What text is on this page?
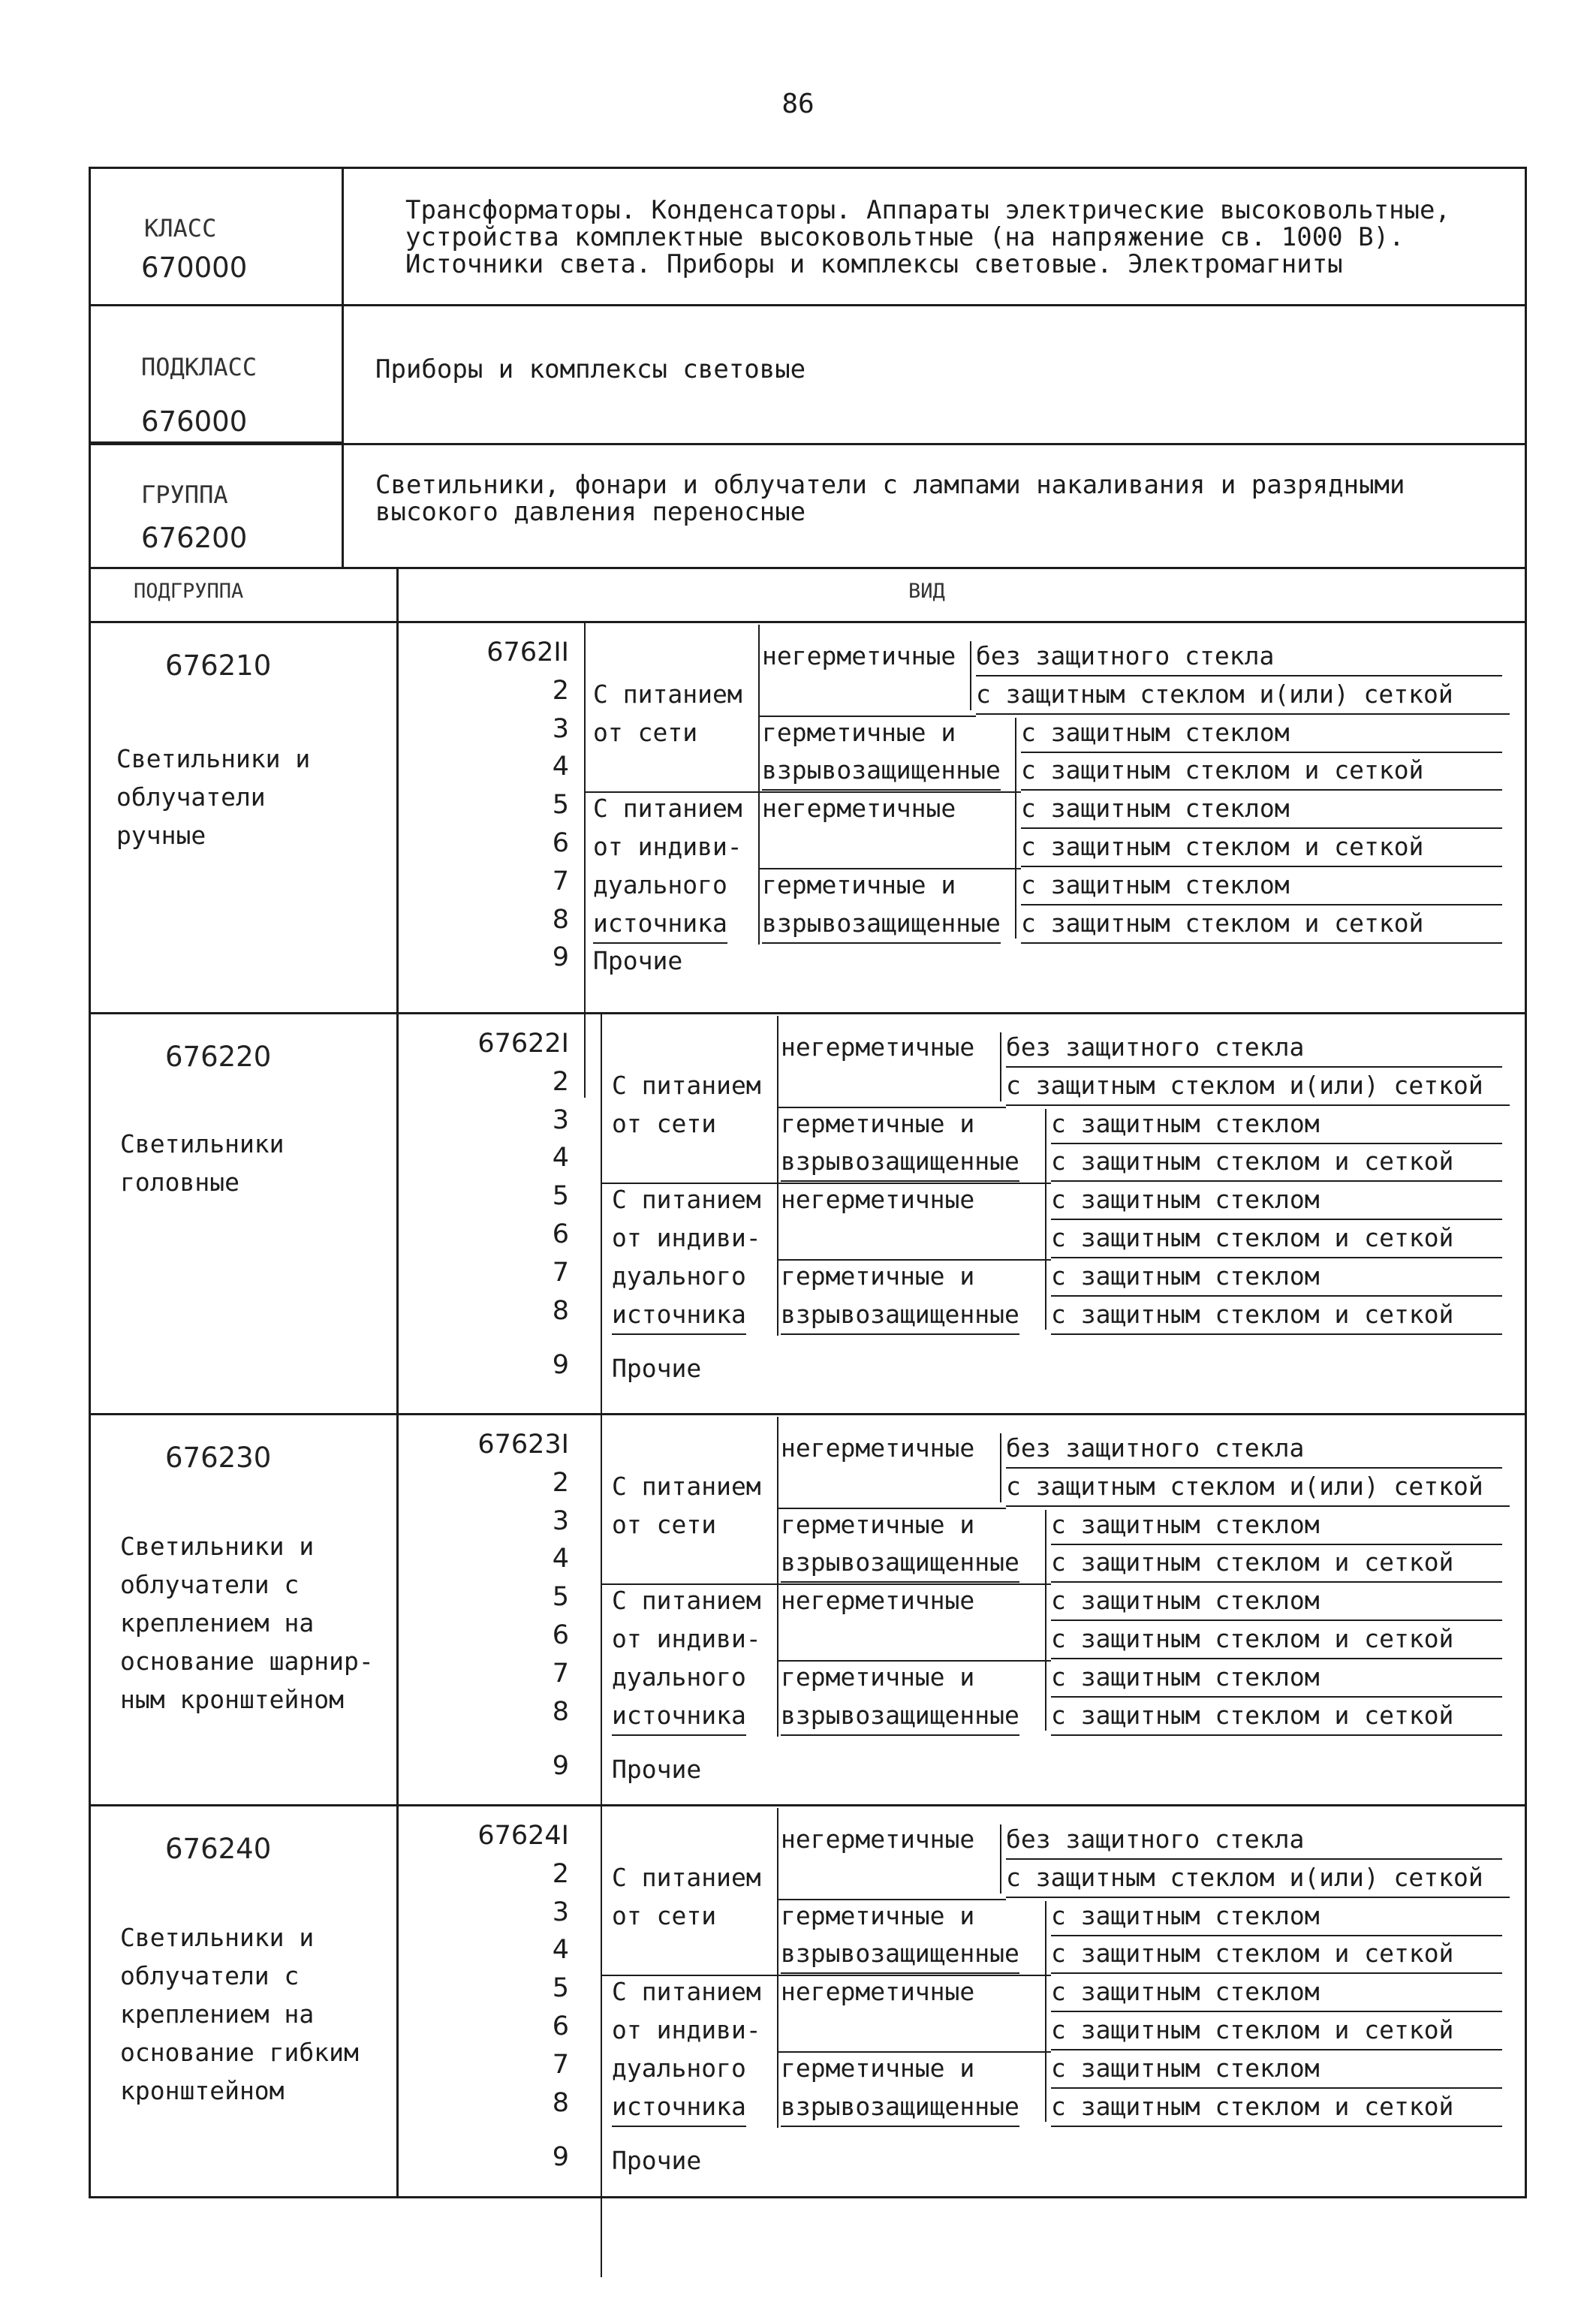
86
КЛАСС
670000
Трансформаторы. Конденсаторы. Аппараты электрические высоковольтные,
устройства комплектные высоковольтные (на напряжение св. 1000 В).
Источники света. Приборы и комплексы световые. Электромагниты
ПОДКЛАСС
676000
Приборы и комплексы световые
ГРУППА
676200
Светильники, фонари и облучатели с лампами накаливания и разрядными
высокого давления переносные
ПОДГРУППА	ВИД
676210
Светильники и
облучатели
ручные
6762II
2
3
4
5
6
7
8
9
С питанием
от сети
С питанием
от индиви-
дуального
источника
Прочие
негерметичные
герметичные и
взрывозащищенные
негерметичные
герметичные и
взрывозащищенные
без защитного стекла
с защитным стеклом и(или) сеткой
с защитным стеклом
с защитным стеклом и сеткой
с защитным стеклом
с защитным стеклом и сеткой
с защитным стеклом
с защитным стеклом и сеткой
676220
Светильники
головные
67622I
2
3
4
5
6
7
8
9
С питанием
от сети
С питанием
от индиви-
дуального
источника
Прочие
негерметичные
герметичные и
взрывозащищенные
негерметичные
герметичные и
взрывозащищенные
без защитного стекла
с защитным стеклом и(или) сеткой
с защитным стеклом
с защитным стеклом и сеткой
с защитным стеклом
с защитным стеклом и сеткой
с защитным стеклом
с защитным стеклом и сеткой
676230
Светильники и
облучатели с
креплением на
основание шарнир-
ным кронштейном
67623I
2
3
4
5
6
7
8
9
С питанием
от сети
С питанием
от индиви-
дуального
источника
Прочие
негерметичные
герметичные и
взрывозащищенные
негерметичные
герметичные и
взрывозащищенные
без защитного стекла
с защитным стеклом и(или) сеткой
с защитным стеклом
с защитным стеклом и сеткой
с защитным стеклом
с защитным стеклом и сеткой
с защитным стеклом
с защитным стеклом и сеткой
676240
Светильники и
облучатели с
креплением на
основание гибким
кронштейном
67624I
2
3
4
5
6
7
8
9
С питанием
от сети
С питанием
от индиви-
дуального
источника
Прочие
негерметичные
герметичные и
взрывозащищенные
негерметичные
герметичные и
взрывозащищенные
без защитного стекла
с защитным стеклом и(или) сеткой
с защитным стеклом
с защитным стеклом и сеткой
с защитным стеклом
с защитным стеклом и сеткой
с защитным стеклом
с защитным стеклом и сеткой
